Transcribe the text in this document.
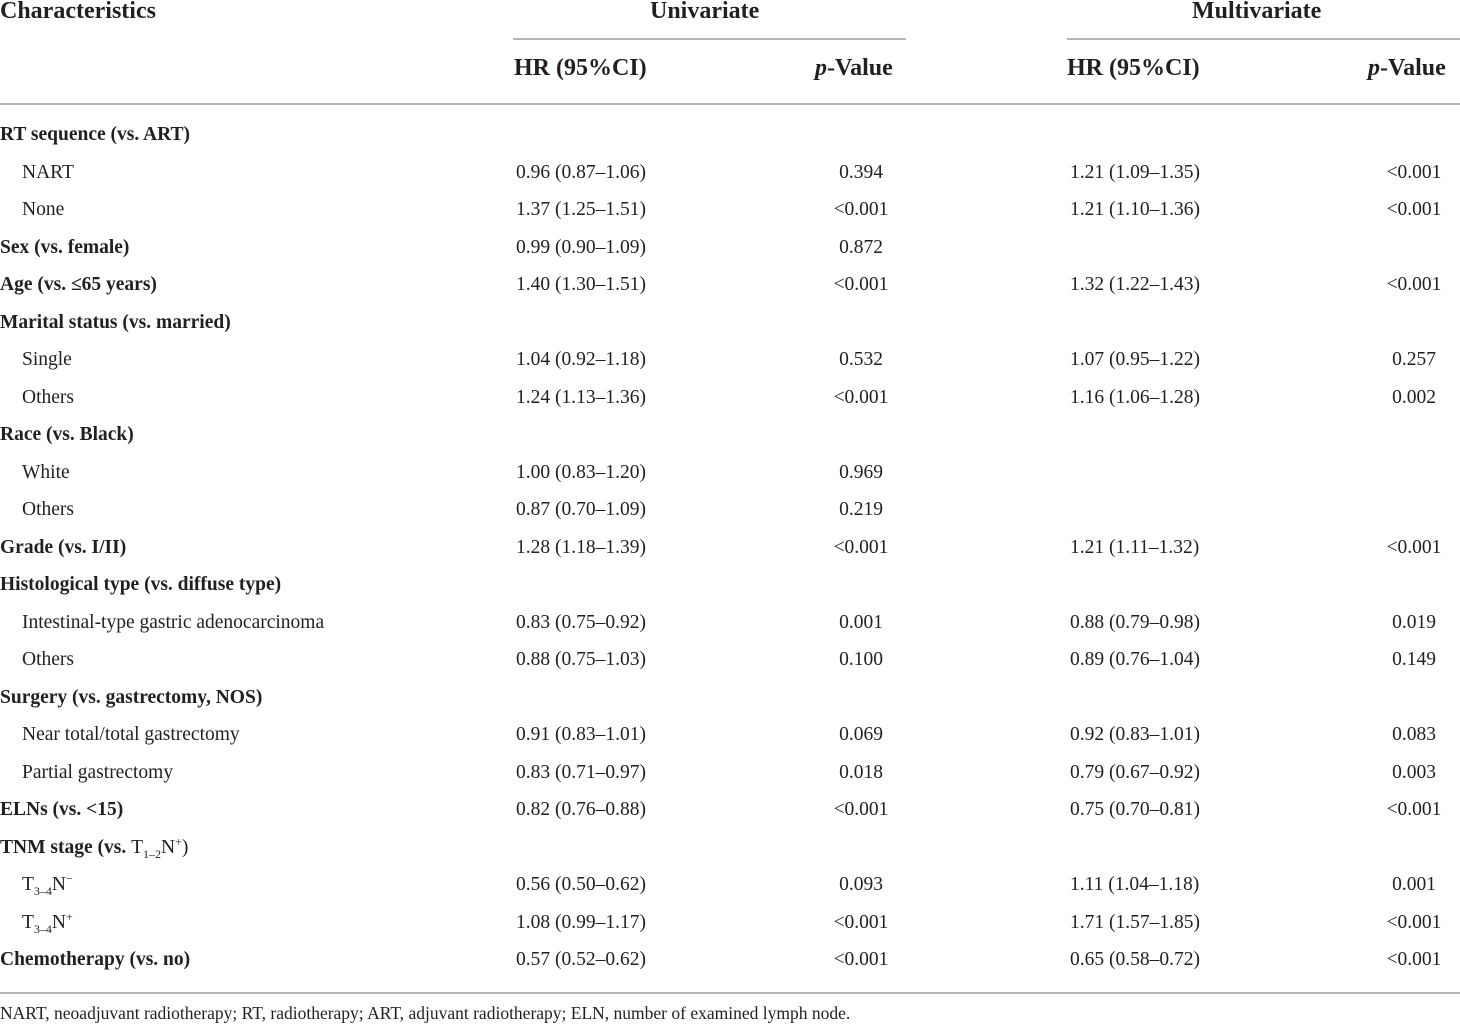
Characteristics	Univariate	Multivariate
HR (95%CI)	p-Value	HR (95%CI)	p-Value
RT sequence (vs. ART)
NART	0.96 (0.87–1.06)	0.394	1.21 (1.09–1.35)	<0.001
None	1.37 (1.25–1.51)	<0.001	1.21 (1.10–1.36)	<0.001
Sex (vs. female)	0.99 (0.90–1.09)	0.872
Age (vs. ≤65 years)	1.40 (1.30–1.51)	<0.001	1.32 (1.22–1.43)	<0.001
Marital status (vs. married)
Single	1.04 (0.92–1.18)	0.532	1.07 (0.95–1.22)	0.257
Others	1.24 (1.13–1.36)	<0.001	1.16 (1.06–1.28)	0.002
Race (vs. Black)
White	1.00 (0.83–1.20)	0.969
Others	0.87 (0.70–1.09)	0.219
Grade (vs. I/II)	1.28 (1.18–1.39)	<0.001	1.21 (1.11–1.32)	<0.001
Histological type (vs. diffuse type)
Intestinal-type gastric adenocarcinoma	0.83 (0.75–0.92)	0.001	0.88 (0.79–0.98)	0.019
Others	0.88 (0.75–1.03)	0.100	0.89 (0.76–1.04)	0.149
Surgery (vs. gastrectomy, NOS)
Near total/total gastrectomy	0.91 (0.83–1.01)	0.069	0.92 (0.83–1.01)	0.083
Partial gastrectomy	0.83 (0.71–0.97)	0.018	0.79 (0.67–0.92)	0.003
ELNs (vs. <15)	0.82 (0.76–0.88)	<0.001	0.75 (0.70–0.81)	<0.001
TNM stage (vs. $T_{1-2}N^+$)
$T_{3-4}N^-$	0.56 (0.50–0.62)	0.093	1.11 (1.04–1.18)	0.001
$T_{3-4}N^+$	1.08 (0.99–1.17)	<0.001	1.71 (1.57–1.85)	<0.001
Chemotherapy (vs. no)	0.57 (0.52–0.62)	<0.001	0.65 (0.58–0.72)	<0.001
NART, neoadjuvant radiotherapy; RT, radiotherapy; ART, adjuvant radiotherapy; ELN, number of examined lymph node.
